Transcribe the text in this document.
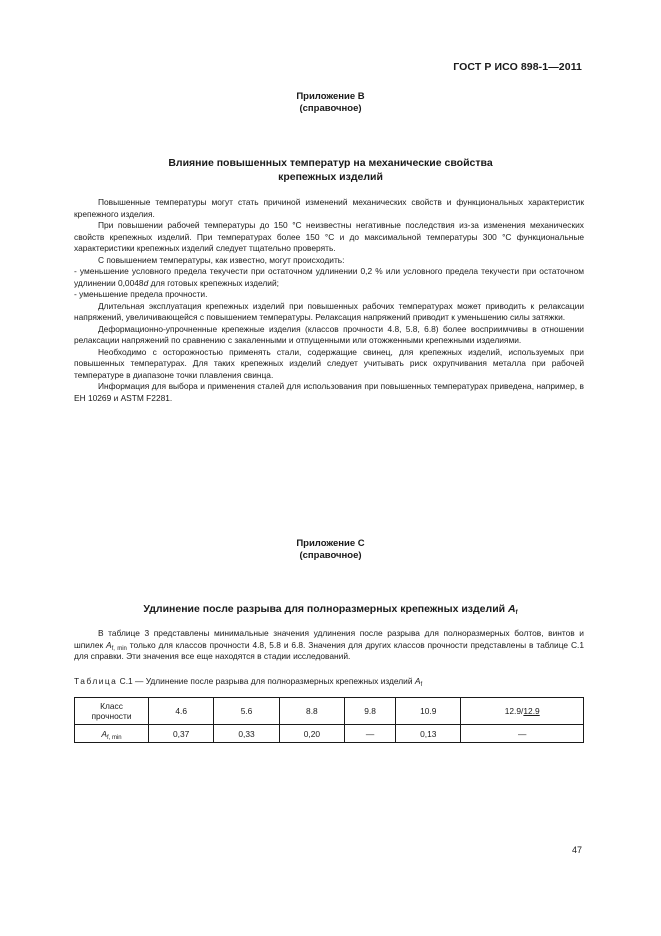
ГОСТ Р ИСО 898-1—2011
Приложение В
(справочное)
Влияние повышенных температур на механические свойства
крепежных изделий

Повышенные температуры могут стать причиной изменений механических свойств и функциональных характеристик крепежного изделия.

При повышении рабочей температуры до 150 °С неизвестны негативные последствия из-за изменения механических свойств крепежных изделий. При температурах более 150 °С и до максимальной температуры 300 °С функциональные характеристики крепежных изделий следует тщательно проверять.

С повышением температуры, как известно, могут происходить:

- уменьшение условного предела текучести при остаточном удлинении 0,2 % или условного предела текучести при остаточном удлинении 0,0048d для готовых крепежных изделий;

- уменьшение предела прочности.

Длительная эксплуатация крепежных изделий при повышенных рабочих температурах может приводить к релаксации напряжений, увеличивающейся с повышением температуры. Релаксация напряжений приводит к уменьшению силы затяжки.

Деформационно-упрочненные крепежные изделия (классов прочности 4.8, 5.8, 6.8) более восприимчивы в отношении релаксации напряжений по сравнению с закаленными и отпущенными или отожженными крепежными изделиями.

Необходимо с осторожностью применять стали, содержащие свинец, для крепежных изделий, используемых при повышенных температурах. Для таких крепежных изделий следует учитывать риск охрупчивания металла при рабочей температуре в диапазоне точки плавления свинца.

Информация для выбора и применения сталей для использования при повышенных температурах приведена, например, в ЕН 10269 и ASTM F2281.

Приложение С
(справочное)
Удлинение после разрыва для полноразмерных крепежных изделий $A_f$

В таблице 3 представлены минимальные значения удлинения после разрыва для полноразмерных болтов, винтов и шпилек $A_{f, min}$ только для классов прочности 4.8, 5.8 и 6.8. Значения для других классов прочности представлены в таблице С.1 для справки. Эти значения все еще находятся в стадии исследований.

Таблица С.1 — Удлинение после разрыва для полноразмерных крепежных изделий $A_f$
Класс
прочности	4.6	5.6	8.8	9.8	10.9	12.9/12.9
$A_{f, min}$	0,37	0,33	0,20	—	0,13	—
47
